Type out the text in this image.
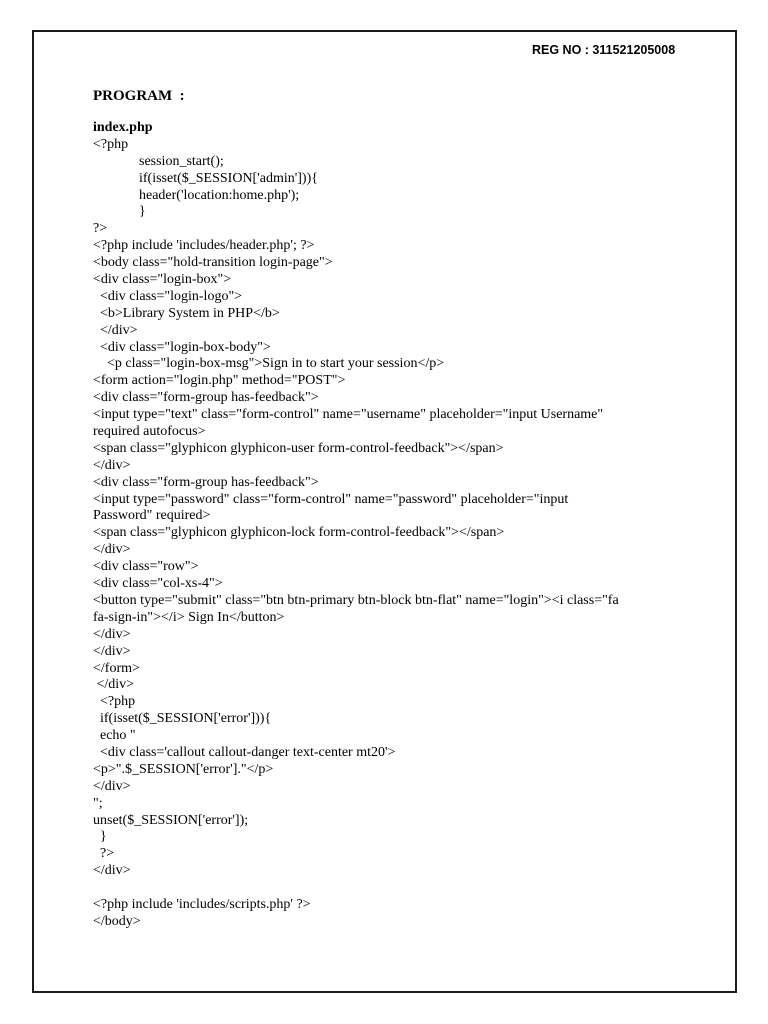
REG NO : 311521205008
PROGRAM  :
index.php
<?php
session_start();
if(isset($_SESSION['admin'])){
header('location:home.php');
}
?>
<?php include 'includes/header.php'; ?>
<body class="hold-transition login-page">
<div class="login-box">
<div class="login-logo">
<b>Library System in PHP</b>
</div>
<div class="login-box-body">
<p class="login-box-msg">Sign in to start your session</p>
<form action="login.php" method="POST">
<div class="form-group has-feedback">
<input type="text" class="form-control" name="username" placeholder="input Username"
required autofocus>
<span class="glyphicon glyphicon-user form-control-feedback"></span>
</div>
<div class="form-group has-feedback">
<input type="password" class="form-control" name="password" placeholder="input
Password" required>
<span class="glyphicon glyphicon-lock form-control-feedback"></span>
</div>
<div class="row">
<div class="col-xs-4">
<button type="submit" class="btn btn-primary btn-block btn-flat" name="login"><i class="fa
fa-sign-in"></i> Sign In</button>
</div>
</div>
</form>
</div>
<?php
if(isset($_SESSION['error'])){
echo "
<div class='callout callout-danger text-center mt20'>
<p>".$_SESSION['error']."</p>
</div>
";
unset($_SESSION['error']);
}
?>
</div>
<?php include 'includes/scripts.php' ?>
</body>
